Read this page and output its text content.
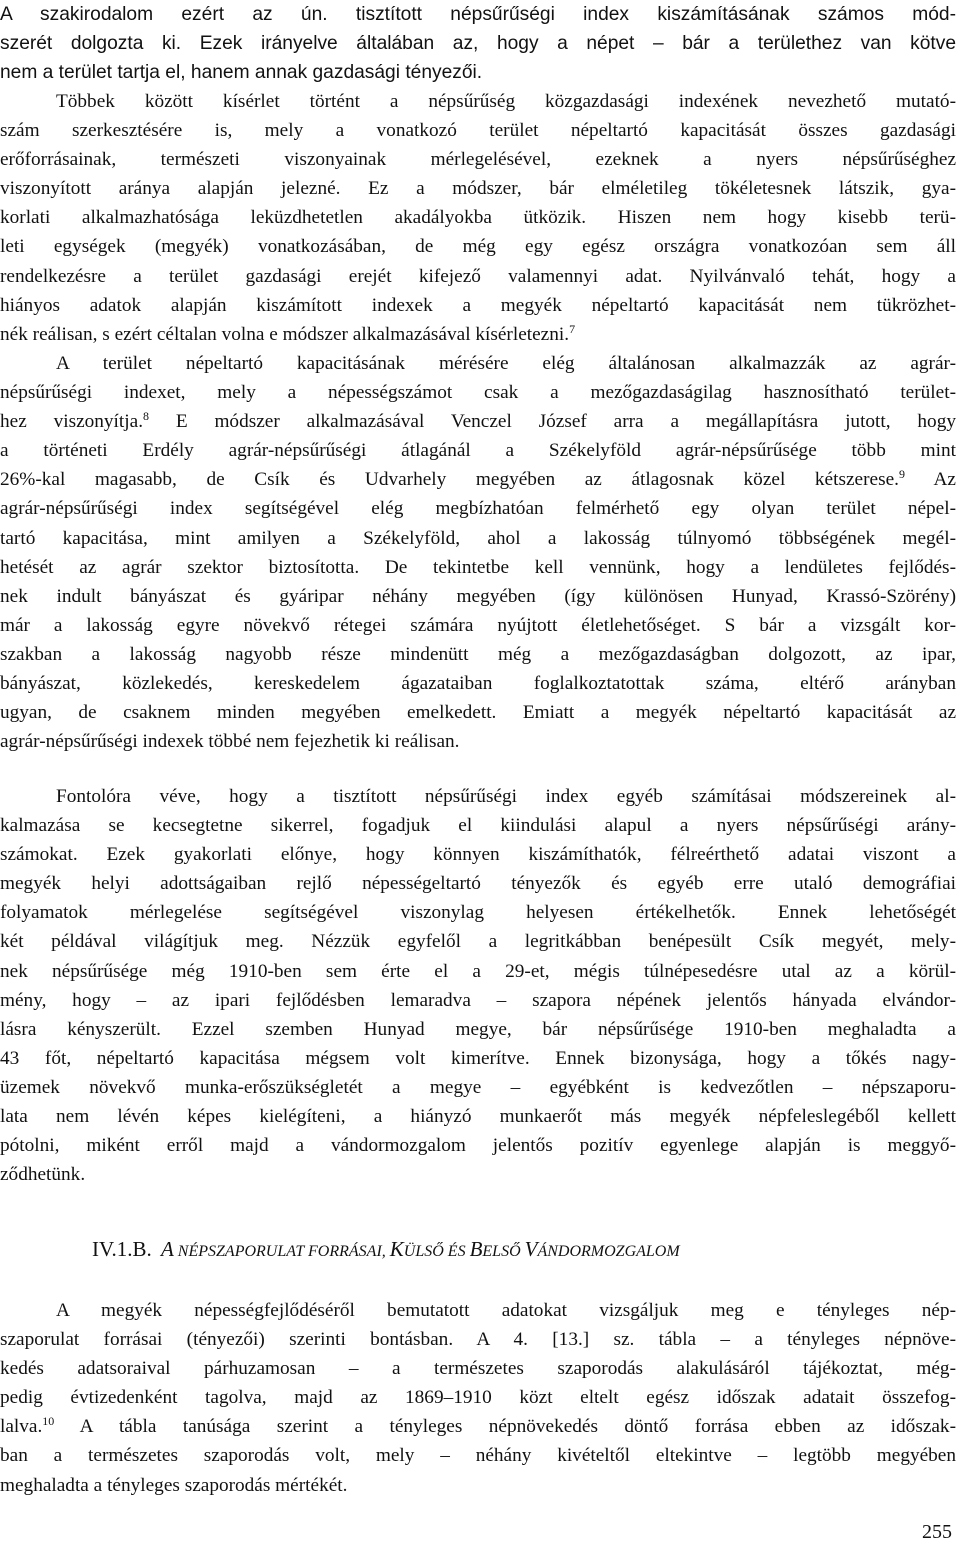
A szakirodalom ezért az ún. tisztított népsűrűségi index kiszámításának számos mód-
szerét dolgozta ki. Ezek irányelve általában az, hogy a népet – bár a területhez van kötve
nem a terület tartja el, hanem annak gazdasági tényezői.
Többek között kísérlet történt a népsűrűség közgazdasági indexének nevezhető mutató-
szám szerkesztésére is, mely a vonatkozó terület népeltartó kapacitását összes gazdasági
erőforrásainak, természeti viszonyainak mérlegelésével, ezeknek a nyers népsűrűséghez
viszonyított aránya alapján jelezné. Ez a módszer, bár elméletileg tökéletesnek látszik, gya-
korlati alkalmazhatósága leküzdhetetlen akadályokba ütközik. Hiszen nem hogy kisebb terü-
leti egységek (megyék) vonatkozásában, de még egy egész országra vonatkozóan sem áll
rendelkezésre a terület gazdasági erejét kifejező valamennyi adat. Nyilvánvaló tehát, hogy a
hiányos adatok alapján kiszámított indexek a megyék népeltartó kapacitását nem tükrözhet-
nék reálisan, s ezért céltalan volna e módszer alkalmazásával kísérletezni.$^7$
A terület népeltartó kapacitásának mérésére elég általánosan alkalmazzák az agrár-
népsűrűségi indexet, mely a népességszámot csak a mezőgazdaságilag hasznosítható terület-
hez viszonyítja.$^8$ E módszer alkalmazásával Venczel József arra a megállapításra jutott, hogy
a történeti Erdély agrár-népsűrűségi átlagánál a Székelyföld agrár-népsűrűsége több mint
26%-kal magasabb, de Csík és Udvarhely megyében az átlagosnak közel kétszerese.$^9$ Az
agrár-népsűrűségi index segítségével elég megbízhatóan felmérhető egy olyan terület népel-
tartó kapacitása, mint amilyen a Székelyföld, ahol a lakosság túlnyomó többségének megél-
hetését az agrár szektor biztosította. De tekintetbe kell vennünk, hogy a lendületes fejlődés-
nek indult bányászat és gyáripar néhány megyében (így különösen Hunyad, Krassó-Szörény)
már a lakosság egyre növekvő rétegei számára nyújtott életlehetőséget. S bár a vizsgált kor-
szakban a lakosság nagyobb része mindenütt még a mezőgazdaságban dolgozott, az ipar,
bányászat, közlekedés, kereskedelem ágazataiban foglalkoztatottak száma, eltérő arányban
ugyan, de csaknem minden megyében emelkedett. Emiatt a megyék népeltartó kapacitását az
agrár-népsűrűségi indexek többé nem fejezhetik ki reálisan.
Fontolóra véve, hogy a tisztított népsűrűségi index egyéb számításai módszereinek al-
kalmazása se kecsegtetne sikerrel, fogadjuk el kiindulási alapul a nyers népsűrűségi arány-
számokat. Ezek gyakorlati előnye, hogy könnyen kiszámíthatók, félreérthető adatai viszont a
megyék helyi adottságaiban rejlő népességeltartó tényezők és egyéb erre utaló demográfiai
folyamatok mérlegelése segítségével viszonylag helyesen értékelhetők. Ennek lehetőségét
két példával világítjuk meg. Nézzük egyfelől a legritkábban benépesült Csík megyét, mely-
nek népsűrűsége még 1910-ben sem érte el a 29-et, mégis túlnépesedésre utal az a körül-
mény, hogy – az ipari fejlődésben lemaradva – szapora népének jelentős hányada elvándor-
lásra kényszerült. Ezzel szemben Hunyad megye, bár népsűrűsége 1910-ben meghaladta a
43 főt, népeltartó kapacitása mégsem volt kimerítve. Ennek bizonysága, hogy a tőkés nagy-
üzemek növekvő munka-erőszükségletét a megye – egyébként is kedvezőtlen – népszaporu-
lata nem lévén képes kielégíteni, a hiányzó munkaerőt más megyék népfeleslegéből kellett
pótolni, miként erről majd a vándormozgalom jelentős pozitív egyenlege alapján is meggyő-
ződhetünk.
IV.1.B. A NÉPSZAPORULAT FORRÁSAI, KÜLSŐ ÉS BELSŐ VÁNDORMOZGALOM
A megyék népességfejlődéséről bemutatott adatokat vizsgáljuk meg e tényleges nép-
szaporulat forrásai (tényezői) szerinti bontásban. A 4. [13.] sz. tábla – a tényleges népnöve-
kedés adatsoraival párhuzamosan – a természetes szaporodás alakulásáról tájékoztat, még-
pedig évtizedenként tagolva, majd az 1869–1910 közt eltelt egész időszak adatait összefog-
lalva.$^{10}$ A tábla tanúsága szerint a tényleges népnövekedés döntő forrása ebben az időszak-
ban a természetes szaporodás volt, mely – néhány kivételtől eltekintve – legtöbb megyében
meghaladta a tényleges szaporodás mértékét.
255
